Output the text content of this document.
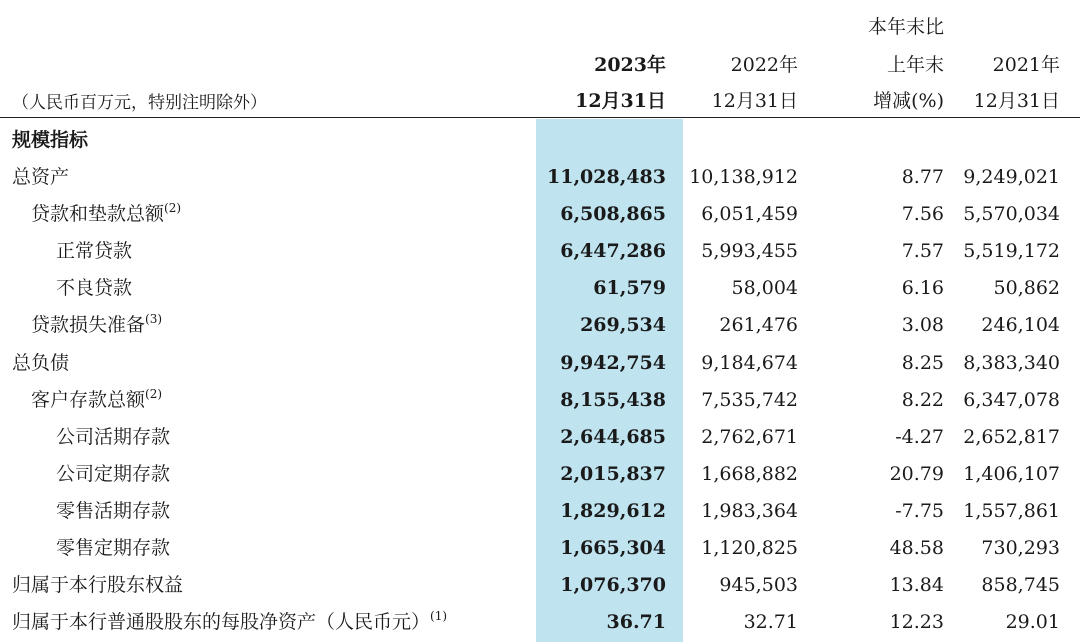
本年末比
2023年	2022年	上年末	2021年
（人民币百万元，特别注明除外）	12月31日 12月31日	增减(%) 12月31日
规模指标
总资产	11,028,483 10,138,912	8.77 9,249,021
贷款和垫款总额$^{(2)}$	6,508,865 6,051,459	7.56 5,570,034
正常贷款	6,447,286 5,993,455	7.57 5,519,172
不良贷款	61,579	58,004	6.16	50,862
贷款损失准备$^{(3)}$	269,534	261,476	3.08 246,104
总负债	9,942,754 9,184,674	8.25 8,383,340
客户存款总额$^{(2)}$	8,155,438 7,535,742	8.22 6,347,078
公司活期存款	2,644,685 2,762,671	-4.27 2,652,817
公司定期存款	2,015,837 1,668,882	20.79 1,406,107
零售活期存款	1,829,612 1,983,364	-7.75 1,557,861
零售定期存款	1,665,304 1,120,825	48.58 730,293
归属于本行股东权益	1,076,370	945,503	13.84 858,745
归属于本行普通股股东的每股净资产（人民币元）$^{(1)}$	36.71	32.71	12.23	29.01
